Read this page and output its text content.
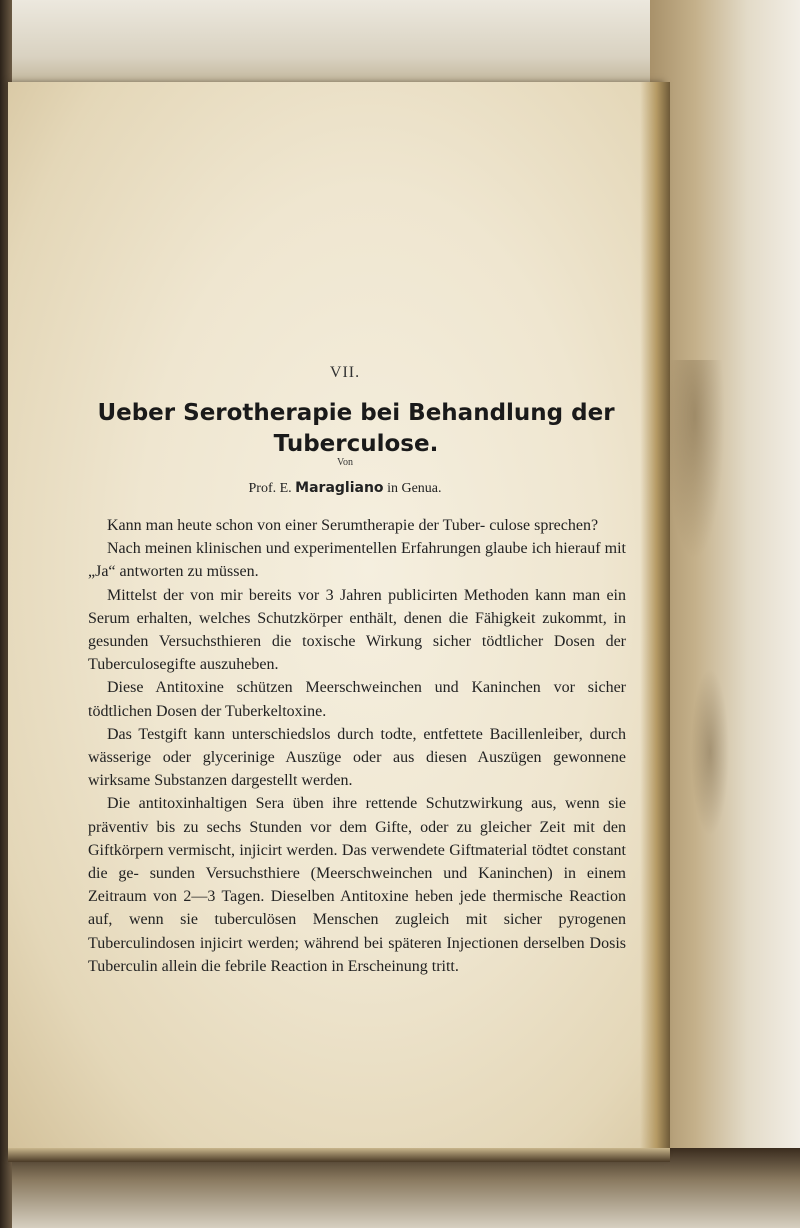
VII.
Ueber Serotherapie bei Behandlung der
Tuberculose.
Von
Prof. E. Maragliano in Genua.

Kann man heute schon von einer Serumtherapie der Tuber- culose sprechen?

Nach meinen klinischen und experimentellen Erfahrungen glaube ich hierauf mit „Ja“ antworten zu müssen.

Mittelst der von mir bereits vor 3 Jahren publicirten Methoden kann man ein Serum erhalten, welches Schutzkörper enthält, denen die Fähigkeit zukommt, in gesunden Versuchsthieren die toxische Wirkung sicher tödtlicher Dosen der Tuberculosegifte auszuheben.

Diese Antitoxine schützen Meerschweinchen und Kaninchen vor sicher tödtlichen Dosen der Tuberkeltoxine.

Das Testgift kann unterschiedslos durch todte, entfettete Bacillenleiber, durch wässerige oder glycerinige Auszüge oder aus diesen Auszügen gewonnene wirksame Substanzen dargestellt werden.

Die antitoxinhaltigen Sera üben ihre rettende Schutzwirkung aus, wenn sie präventiv bis zu sechs Stunden vor dem Gifte, oder zu gleicher Zeit mit den Giftkörpern vermischt, injicirt werden. Das verwendete Giftmaterial tödtet constant die ge- sunden Versuchsthiere (Meerschweinchen und Kaninchen) in einem Zeitraum von 2—3 Tagen. Dieselben Antitoxine heben jede thermische Reaction auf, wenn sie tuberculösen Menschen zugleich mit sicher pyrogenen Tuberculindosen injicirt werden; während bei späteren Injectionen derselben Dosis Tuberculin allein die febrile Reaction in Erscheinung tritt.
